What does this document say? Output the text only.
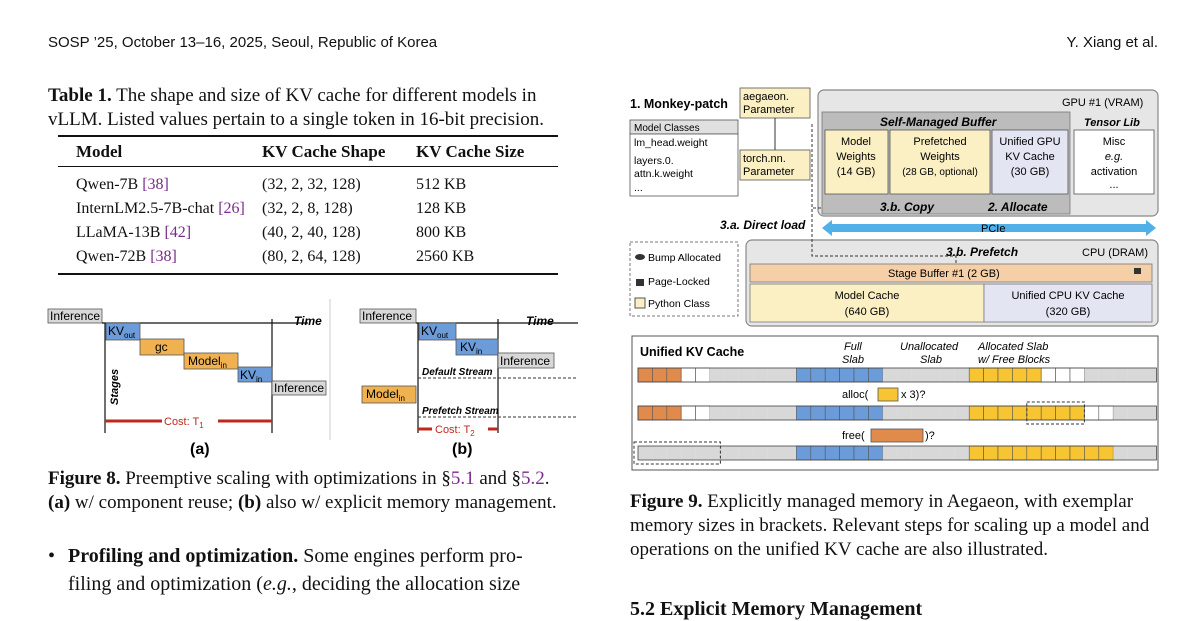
SOSP ’25, October 13–16, 2025, Seoul, Republic of Korea	Y. Xiang et al.
Table 1. The shape and size of KV cache for different models in vLLM. Listed values pertain to a single token in 16-bit precision.
Model	KV Cache Shape	KV Cache Size
Qwen-7B [38]	(32, 2, 32, 128)	512 KB
InternLM2.5-7B-chat [26]	(32, 2, 8, 128)	128 KB
LLaMA-13B [42]	(40, 2, 40, 128)	800 KB
Qwen-72B [38]	(80, 2, 64, 128)	2560 KB
Inference	Time
$KV_{out}$
gc
Model$_{in}$
$KV_{in}$
Inference
Stages
Cost: $T_1$
(a)
Inference	Time
$KV_{out}$
$KV_{in}$
Inference
Default Stream
Model$_{in}$
Prefetch Stream
Cost: $T_2$
(b)
Figure 8. Preemptive scaling with optimizations in §5.1 and §5.2.
(a) w/ component reuse; (b) also w/ explicit memory management.
• Profiling and optimization. Some engines perform pro-
filing and optimization (e.g., deciding the allocation size
1. Monkey-patch aegaeon.
Parameter
Model Classes
lm_head.weight
layers.0.
attn.k.weight
...
torch.nn.
Parameter
GPU #1 (VRAM)
Self-Managed Buffer	Tensor Lib
Model
Weights
(14 GB)
Prefetched
Weights
(28 GB, optional)
Unified GPU
KV Cache
(30 GB)
Misc
e.g.
activation
...
3.b. Copy	2. Allocate
3.a. Direct load	PCIe
Bump Allocated
Page-Locked
Python Class
3.b. Prefetch	CPU (DRAM)
Stage Buffer #1 (2 GB)
Model Cache
(640 GB)
Unified CPU KV Cache
(320 GB)
Unified KV Cache	Full
Slab
Unallocated
Slab
Allocated Slab
w/ Free Blocks
alloc(	x 3)?
free(	)?
Figure 9. Explicitly managed memory in Aegaeon, with exemplar memory sizes in brackets. Relevant steps for scaling up a model and operations on the unified KV cache are also illustrated.
5.2 Explicit Memory Management
